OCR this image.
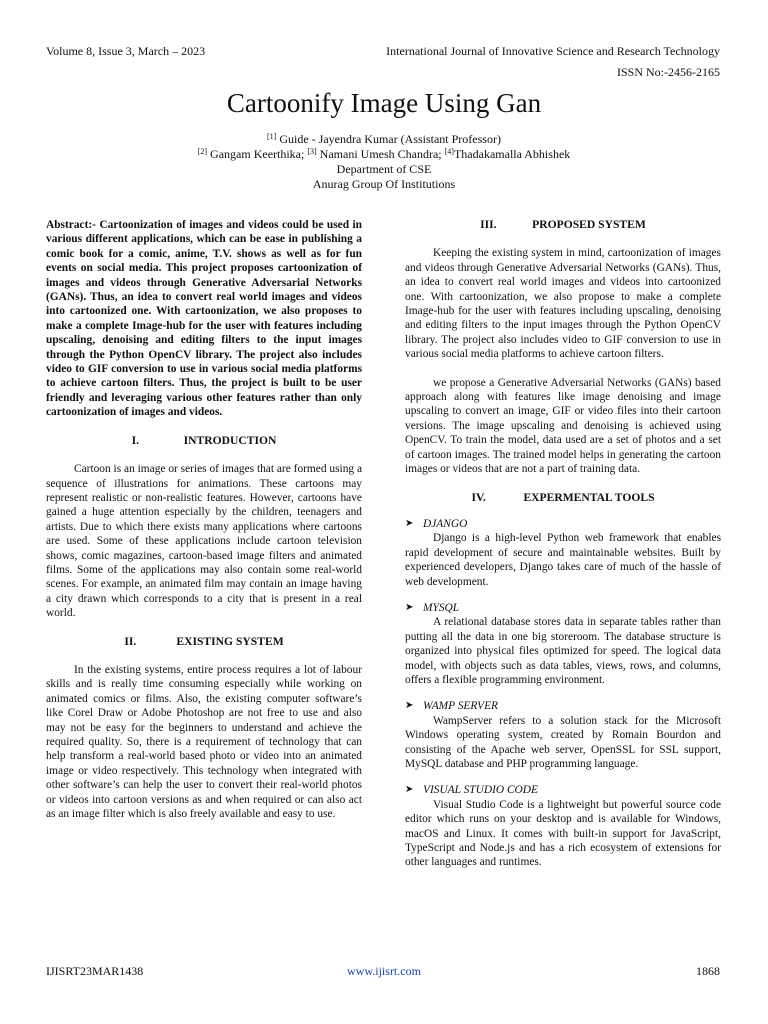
Volume 8, Issue 3, March – 2023	International Journal of Innovative Science and Research Technology
ISSN No:-2456-2165
Cartoonify Image Using Gan
[1] Guide - Jayendra Kumar (Assistant Professor)
[2] Gangam Keerthika; [3] Namani Umesh Chandra; [4]Thadakamalla Abhishek
Department of CSE
Anurag Group Of Institutions

Abstract:- Cartoonization of images and videos could be used in various different applications, which can be ease in publishing a comic book for a comic, anime, T.V. shows as well as for fun events on social media. This project proposes cartoonization of images and videos through Generative Adversarial Networks (GANs). Thus, an idea to convert real world images and videos into cartoonized one. With cartoonization, we also proposes to make a complete Image-hub for the user with features including upscaling, denoising and editing filters to the input images through the Python OpenCV library. The project also includes video to GIF conversion to use in various social media platforms to achieve cartoon filters. Thus, the project is built to be user friendly and leveraging various other features rather than only cartoonization of images and videos.

I.	INTRODUCTION

Cartoon is an image or series of images that are formed using a sequence of illustrations for animations. These cartoons may represent realistic or non-realistic features. However, cartoons have gained a huge attention especially by the children, teenagers and artists. Due to which there exists many applications where cartoons are used. Some of these applications include cartoon television shows, comic magazines, cartoon-based image filters and animated films. Some of the applications may also contain some real-world scenes. For example, an animated film may contain an image having a city drawn which corresponds to a city that is present in a real world.

II.	EXISTING SYSTEM

In the existing systems, entire process requires a lot of labour skills and is really time consuming especially while working on animated comics or films. Also, the existing computer software’s like Corel Draw or Adobe Photoshop are not free to use and also may not be easy for the beginners to understand and achieve the required quality. So, there is a requirement of technology that can help transform a real-world based photo or video into an animated image or video respectively. This technology when integrated with other software’s can help the user to convert their real-world photos or videos into cartoon versions as and when required or can also act as an image filter which is also freely available and easy to use.

III.	PROPOSED SYSTEM

Keeping the existing system in mind, cartoonization of images and videos through Generative Adversarial Networks (GANs). Thus, an idea to convert real world images and videos into cartoonized one. With cartoonization, we also propose to make a complete Image-hub for the user with features including upscaling, denoising and editing filters to the input images through the Python OpenCV library. The project also includes video to GIF conversion to use in various social media platforms to achieve cartoon filters.

we propose a Generative Adversarial Networks (GANs) based approach along with features like image denoising and image upscaling to convert an image, GIF or video files into their cartoon versions. The image upscaling and denoising is achieved using OpenCV. To train the model, data used are a set of photos and a set of cartoon images. The trained model helps in generating the cartoon images or videos that are not a part of training data.

IV.	EXPERMENTAL TOOLS
➤ DJANGO

Django is a high-level Python web framework that enables rapid development of secure and maintainable websites. Built by experienced developers, Django takes care of much of the hassle of web development.

➤ MYSQL

A relational database stores data in separate tables rather than putting all the data in one big storeroom. The database structure is organized into physical files optimized for speed. The logical data model, with objects such as data tables, views, rows, and columns, offers a flexible programming environment.

➤ WAMP SERVER

WampServer refers to a solution stack for the Microsoft Windows operating system, created by Romain Bourdon and consisting of the Apache web server, OpenSSL for SSL support, MySQL database and PHP programming language.

➤ VISUAL STUDIO CODE

Visual Studio Code is a lightweight but powerful source code editor which runs on your desktop and is available for Windows, macOS and Linux. It comes with built-in support for JavaScript, TypeScript and Node.js and has a rich ecosystem of extensions for other languages and runtimes.

IJISRT23MAR1438	www.ijisrt.com	1868
